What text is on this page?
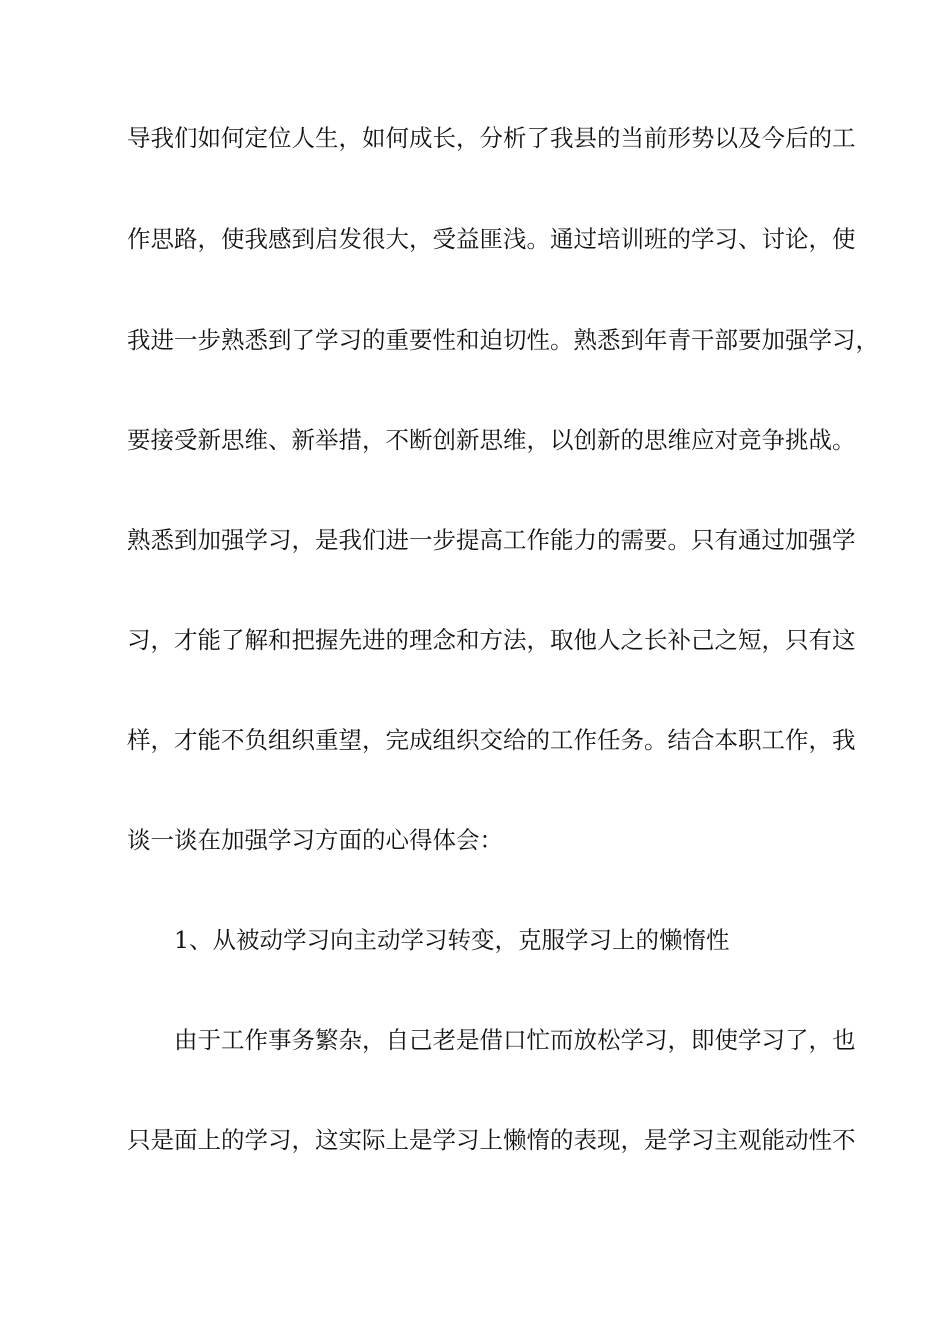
导我们如何定位人生，如何成长，分析了我县的当前形势以及今后的工
作思路，使我感到启发很大，受益匪浅。通过培训班的学习、讨论，使
我进一步熟悉到了学习的重要性和迫切性。熟悉到年青干部要加强学习，
要接受新思维、新举措，不断创新思维，以创新的思维应对竞争挑战。
熟悉到加强学习，是我们进一步提高工作能力的需要。只有通过加强学
习，才能了解和把握先进的理念和方法，取他人之长补己之短，只有这
样，才能不负组织重望，完成组织交给的工作任务。结合本职工作，我
谈一谈在加强学习方面的心得体会：
1、从被动学习向主动学习转变，克服学习上的懒惰性
由于工作事务繁杂，自己老是借口忙而放松学习，即使学习了，也
只是面上的学习，这实际上是学习上懒惰的表现，是学习主观能动性不
